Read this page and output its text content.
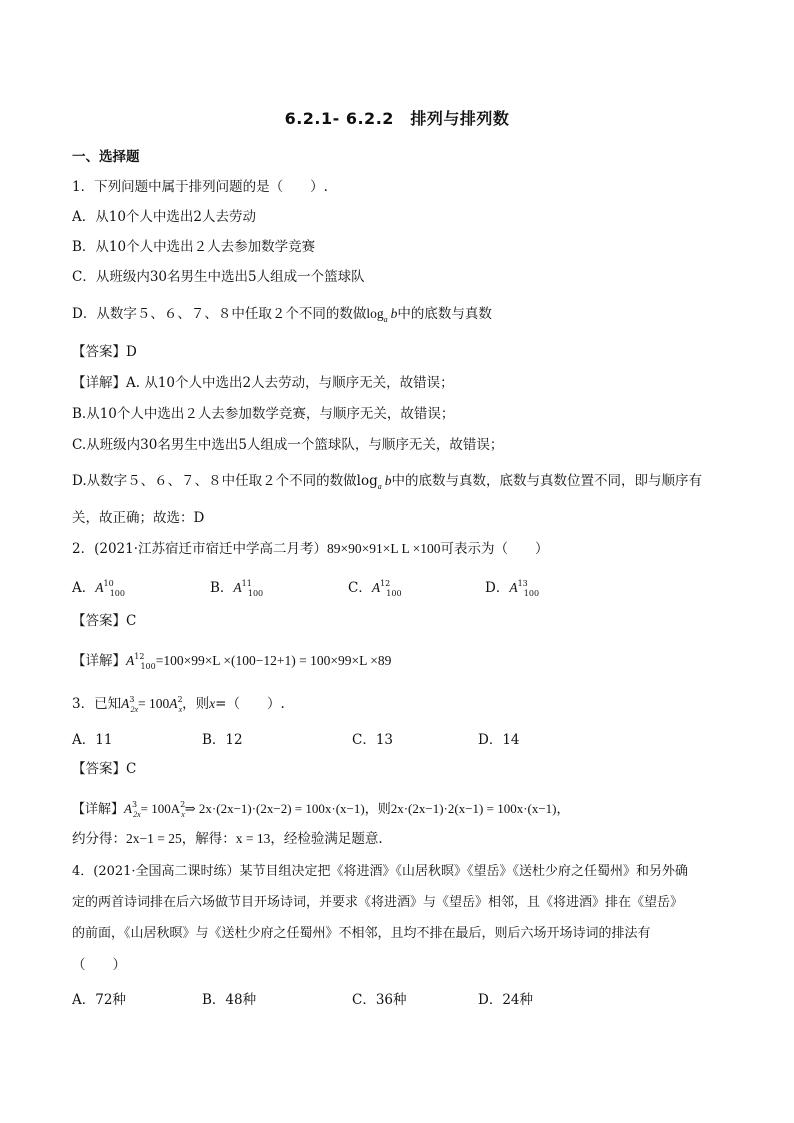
6.2.1- 6.2.2　排列与排列数
一、选择题
1．下列问题中属于排列问题的是（　　）.
A．从10个人中选出2人去劳动
B．从10个人中选出２人去参加数学竞赛
C．从班级内30名男生中选出5人组成一个篮球队
D．从数字５、６、７、８中任取２个不同的数做$\log_a b$中的底数与真数
【答案】D
【详解】A. 从10个人中选出2人去劳动，与顺序无关，故错误；
B.从10个人中选出２人去参加数学竞赛，与顺序无关，故错误；
C.从班级内30名男生中选出5人组成一个篮球队，与顺序无关，故错误；
D.从数字５、６、７、８中任取２个不同的数做$\log_a b$中的底数与真数，底数与真数位置不同，即与顺序有
关，故正确；故选：D
2．(2021·江苏宿迁市宿迁中学高二月考）89×90×91×L L ×100可表示为（　　）
A．$A^{10}_{100}$	B．$A^{11}_{100}$	C．$A^{12}_{100}$	D．$A^{13}_{100}$
【答案】C
【详解】$A^{12}_{100}=100\times 99\times L \times(100-12+1) = 100\times 99\times L \times 89$
3．已知$A^3_{2x}= 100A^2_x$，则x=（　　）.
A．11	B．12	C．13	D．14
【答案】C
【详解】$A^3_{2x}=$ $100A^2_x\Rightarrow$ 2x·(2x−1)·(2x−2) = 100x·(x−1)，则2x·(2x−1)·2(x−1) = 100x·(x−1)，
约分得：2x−1 = 25，解得：x = 13，经检验满足题意.
4．(2021·全国高二课时练）某节目组决定把《将进酒》《山居秋暝》《望岳》《送杜少府之任蜀州》和另外确
定的两首诗词排在后六场做节目开场诗词，并要求《将进酒》与《望岳》相邻，且《将进酒》排在《望岳》
的前面，《山居秋暝》与《送杜少府之任蜀州》不相邻，且均不排在最后，则后六场开场诗词的排法有
（　　）
A．72种	B．48种	C．36种	D．24种
